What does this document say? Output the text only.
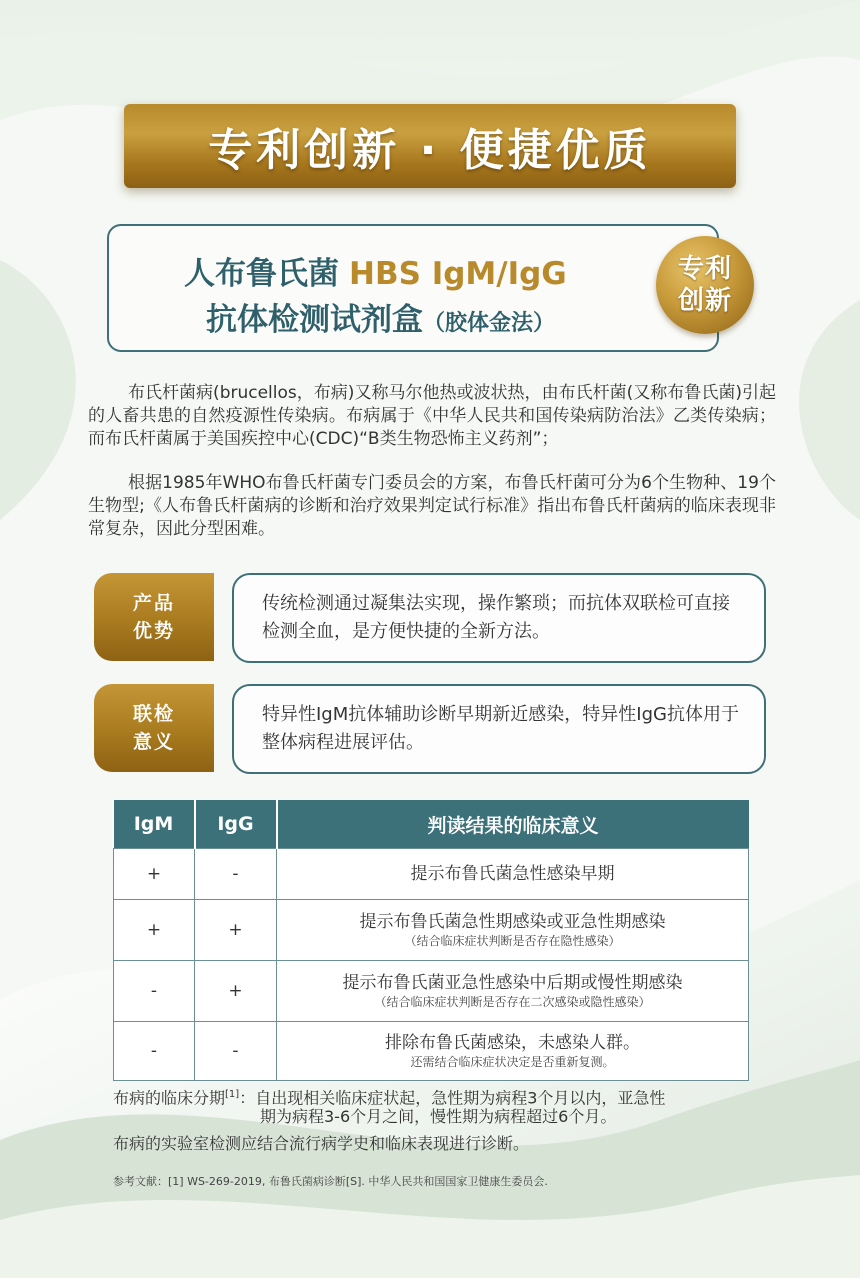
专利创新 · 便捷优质
人布鲁氏菌 HBS IgM/IgG
抗体检测试剂盒（胶体金法）
专利
创新

布氏杆菌病(brucellos，布病)又称马尔他热或波状热，由布氏杆菌(又称布鲁氏菌)引起的人畜共患的自然疫源性传染病。布病属于《中华人民共和国传染病防治法》乙类传染病；而布氏杆菌属于美国疾控中心(CDC)“B类生物恐怖主义药剂”；

根据1985年WHO布鲁氏杆菌专门委员会的方案，布鲁氏杆菌可分为6个生物种、19个生物型;《人布鲁氏杆菌病的诊断和治疗效果判定试行标准》指出布鲁氏杆菌病的临床表现非常复杂，因此分型困难。

产品
优势
传统检测通过凝集法实现，操作繁琐；而抗体双联检可直接检测全血，是方便快捷的全新方法。
联检
意义
特异性IgM抗体辅助诊断早期新近感染，特异性IgG抗体用于整体病程进展评估。
IgM	IgG	判读结果的临床意义
+	-	提示布鲁氏菌急性感染早期

+	+	提示布鲁氏菌急性期感染或亚急性期感染
（结合临床症状判断是否存在隐性感染）

-	+	提示布鲁氏菌亚急性感染中后期或慢性期感染
（结合临床症状判断是否存在二次感染或隐性感染）

-	-	排除布鲁氏菌感染，未感染人群。
还需结合临床症状决定是否重新复测。
布病的临床分期[1]：自出现相关临床症状起，急性期为病程3个月以内，亚急性
期为病程3-6个月之间，慢性期为病程超过6个月。
布病的实验室检测应结合流行病学史和临床表现进行诊断。
参考文献：[1] WS-269-2019, 布鲁氏菌病诊断[S]. 中华人民共和国国家卫健康生委员会.
